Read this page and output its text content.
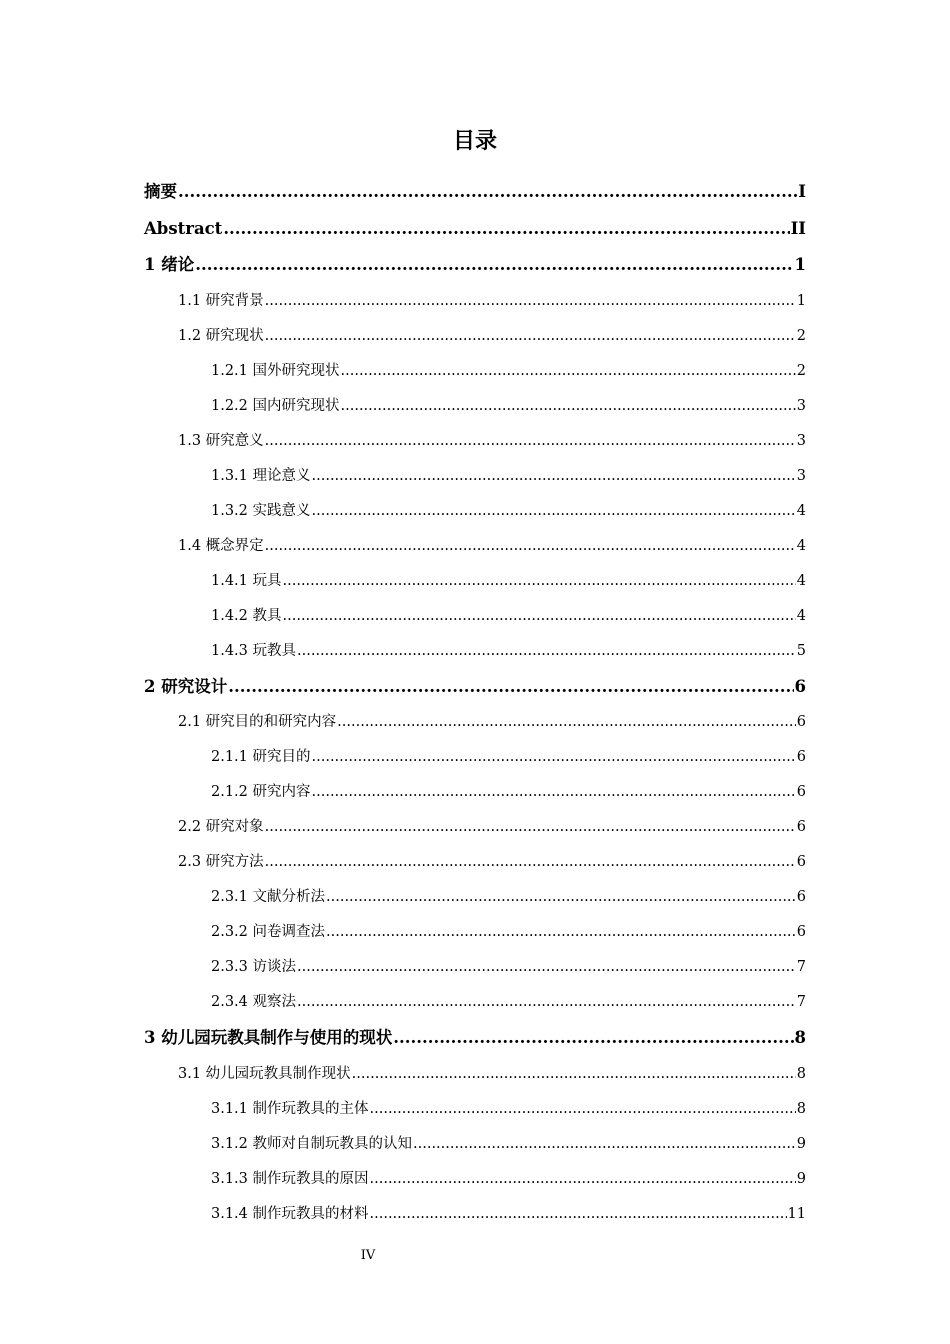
目录
摘要 .....	I
Abstract .....	II
1 绪论 .....	1
1.1 研究背景 .....	1
1.2 研究现状 .....	2
1.2.1 国外研究现状 .....	2
1.2.2 国内研究现状 .....	3
1.3 研究意义 .....	3
1.3.1 理论意义 .....	3
1.3.2 实践意义 .....	4
1.4 概念界定 .....	4
1.4.1 玩具 .....	4
1.4.2 教具 .....	4
1.4.3 玩教具 .....	5
2 研究设计 .....	6
2.1 研究目的和研究内容 .....	6
2.1.1 研究目的 .....	6
2.1.2 研究内容 .....	6
2.2 研究对象 .....	6
2.3 研究方法 .....	6
2.3.1 文献分析法 .....	6
2.3.2 问卷调查法 .....	6
2.3.3 访谈法 .....	7
2.3.4 观察法 .....	7
3 幼儿园玩教具制作与使用的现状 .....	8
3.1 幼儿园玩教具制作现状 .....	8
3.1.1 制作玩教具的主体 .....	8
3.1.2 教师对自制玩教具的认知 .....	9
3.1.3 制作玩教具的原因 .....	9
3.1.4 制作玩教具的材料 .....	11
IV
